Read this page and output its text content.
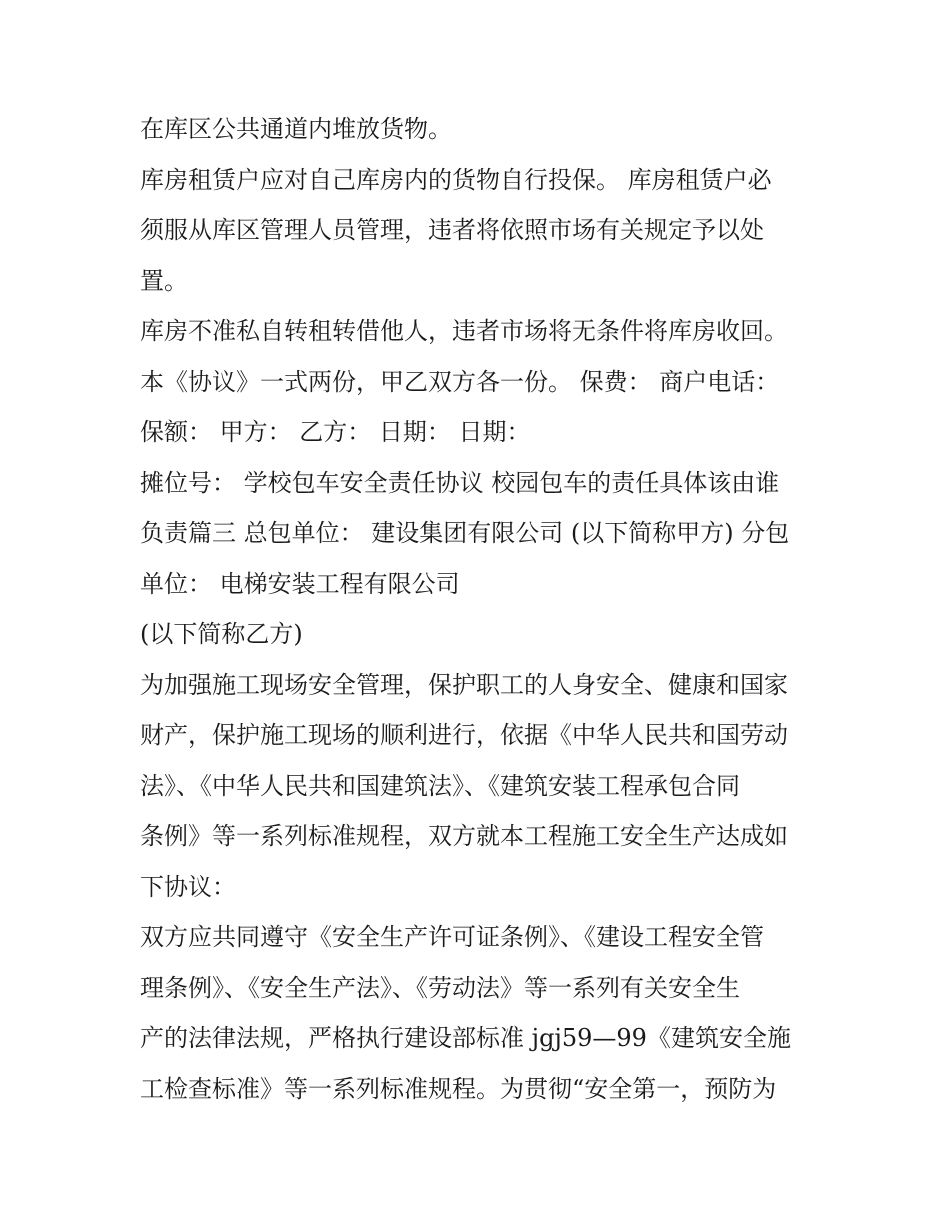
在库区公共通道内堆放货物。
库房租赁户应对自己库房内的货物自行投保。 库房租赁户必
须服从库区管理人员管理，违者将依照市场有关规定予以处
置。
库房不准私自转租转借他人，违者市场将无条件将库房收回。
本《协议》一式两份，甲乙双方各一份。 保费： 商户电话：
保额： 甲方： 乙方： 日期： 日期：
摊位号： 学校包车安全责任协议 校园包车的责任具体该由谁
负责篇三 总包单位： 建设集团有限公司 (以下简称甲方) 分包
单位： 电梯安装工程有限公司
(以下简称乙方)
为加强施工现场安全管理，保护职工的人身安全、健康和国家
财产，保护施工现场的顺利进行，依据《中华人民共和国劳动
法》、《中华人民共和国建筑法》、《建筑安装工程承包合同
条例》等一系列标准规程，双方就本工程施工安全生产达成如
下协议：
双方应共同遵守《安全生产许可证条例》、《建设工程安全管
理条例》、《安全生产法》、《劳动法》等一系列有关安全生
产的法律法规，严格执行建设部标准 jgj59—99《建筑安全施
工检查标准》等一系列标准规程。为贯彻“安全第一，预防为
